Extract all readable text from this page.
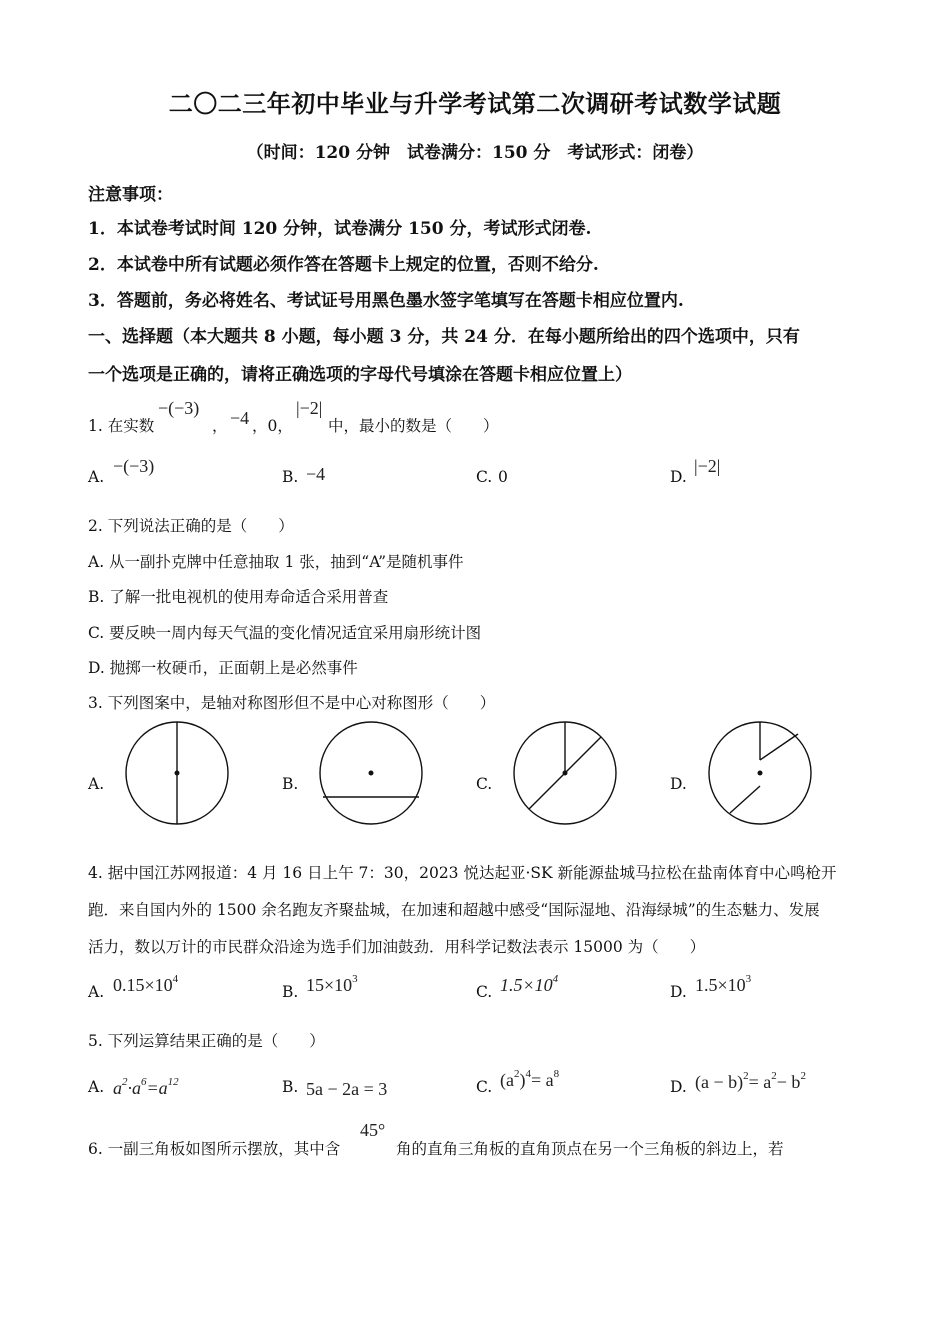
二〇二三年初中毕业与升学考试第二次调研考试数学试题
（时间：120 分钟　试卷满分：150 分　考试形式：闭卷）
注意事项：
1．本试卷考试时间 120 分钟，试卷满分 150 分，考试形式闭卷.
2．本试卷中所有试题必须作答在答题卡上规定的位置，否则不给分.
3．答题前，务必将姓名、考试证号用黑色墨水签字笔填写在答题卡相应位置内.
一、选择题（本大题共 8 小题，每小题 3 分，共 24 分．在每小题所给出的四个选项中，只有
一个选项是正确的，请将正确选项的字母代号填涂在答题卡相应位置上）
1. 在实数
−(−3)
， −4 ，0，
|−2|
中，最小的数是（　　）
A.
−(−3)
B. −4	C. 0	D.
|−2|
2. 下列说法正确的是（　　）
A. 从一副扑克牌中任意抽取 1 张，抽到“A”是随机事件
B. 了解一批电视机的使用寿命适合采用普查
C. 要反映一周内每天气温的变化情况适宜采用扇形统计图
D. 抛掷一枚硬币，正面朝上是必然事件
3. 下列图案中，是轴对称图形但不是中心对称图形（　　）
A.	B.	C.	D.
4. 据中国江苏网报道：4 月 16 日上午 7：30，2023 悦达起亚·SK 新能源盐城马拉松在盐南体育中心鸣枪开
跑．来自国内外的 1500 余名跑友齐聚盐城，在加速和超越中感受“国际湿地、沿海绿城”的生态魅力、发展
活力，数以万计的市民群众沿途为选手们加油鼓劲．用科学记数法表示 15000 为（　　）
A. $0.15\times 10^4$
B. $15\times 10^3$
C. $1.5\times 10^4$
D. $1.5\times 10^3$
5. 下列运算结果正确的是（　　）
A. $a^2\cdot a^6=a^{12}$	B. 5a − 2a = 3	C. $(a^2)^4= a^8$
D. $(a - b)^2= a^2- b^2$
6. 一副三角板如图所示摆放，其中含
45°
角的直角三角板的直角顶点在另一个三角板的斜边上，若
